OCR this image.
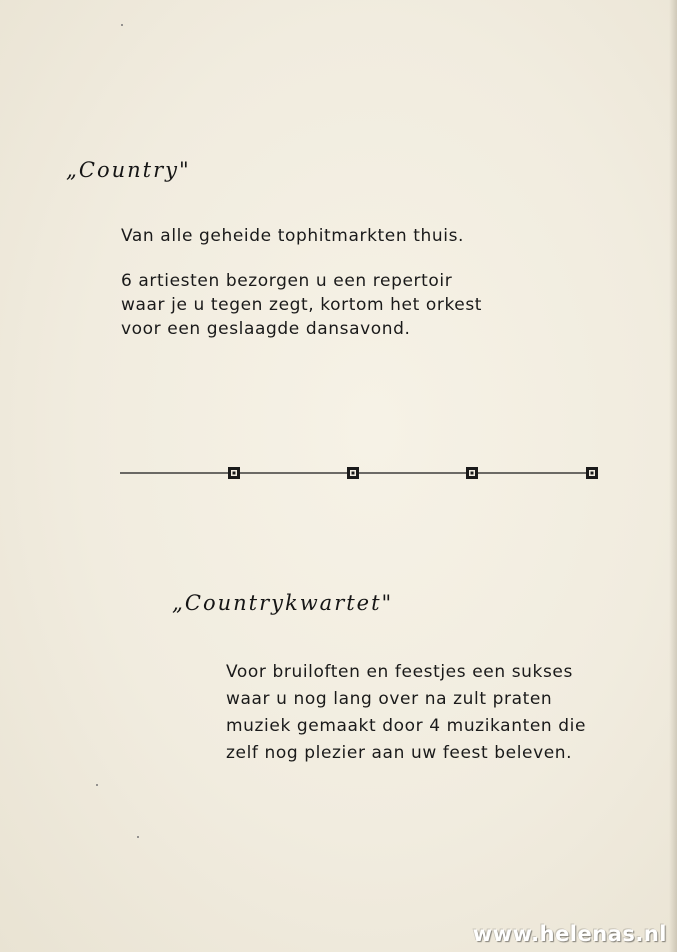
„Country"
Van alle geheide tophitmarkten thuis.
6 artiesten bezorgen u een repertoir
waar je u tegen zegt, kortom het orkest
voor een geslaagde dansavond.
„Countrykwartet"
Voor bruiloften en feestjes een sukses
waar u nog lang over na zult praten
muziek gemaakt door 4 muzikanten die
zelf nog plezier aan uw feest beleven.
www.helenas.nl
